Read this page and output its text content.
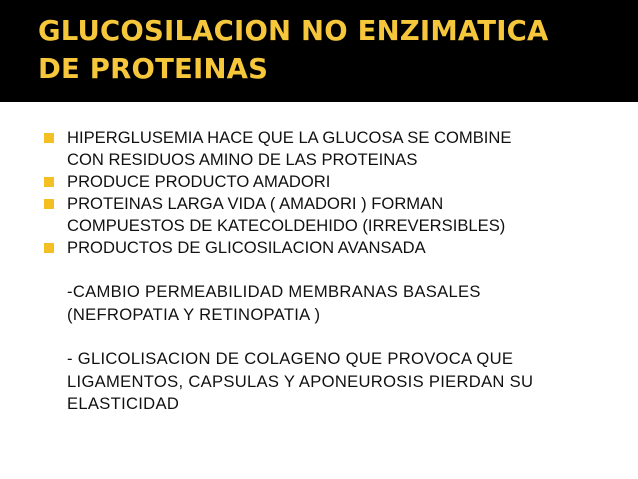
GLUCOSILACION NO ENZIMATICA
DE PROTEINAS
HIPERGLUSEMIA HACE QUE LA GLUCOSA SE COMBINE
CON RESIDUOS AMINO DE LAS PROTEINAS
PRODUCE PRODUCTO AMADORI
PROTEINAS LARGA VIDA ( AMADORI ) FORMAN
COMPUESTOS DE KATECOLDEHIDO (IRREVERSIBLES)
PRODUCTOS DE GLICOSILACION AVANSADA
-CAMBIO PERMEABILIDAD MEMBRANAS BASALES
(NEFROPATIA Y RETINOPATIA )
- GLICOLISACION DE COLAGENO QUE PROVOCA QUE
LIGAMENTOS, CAPSULAS Y APONEUROSIS PIERDAN SU
ELASTICIDAD
